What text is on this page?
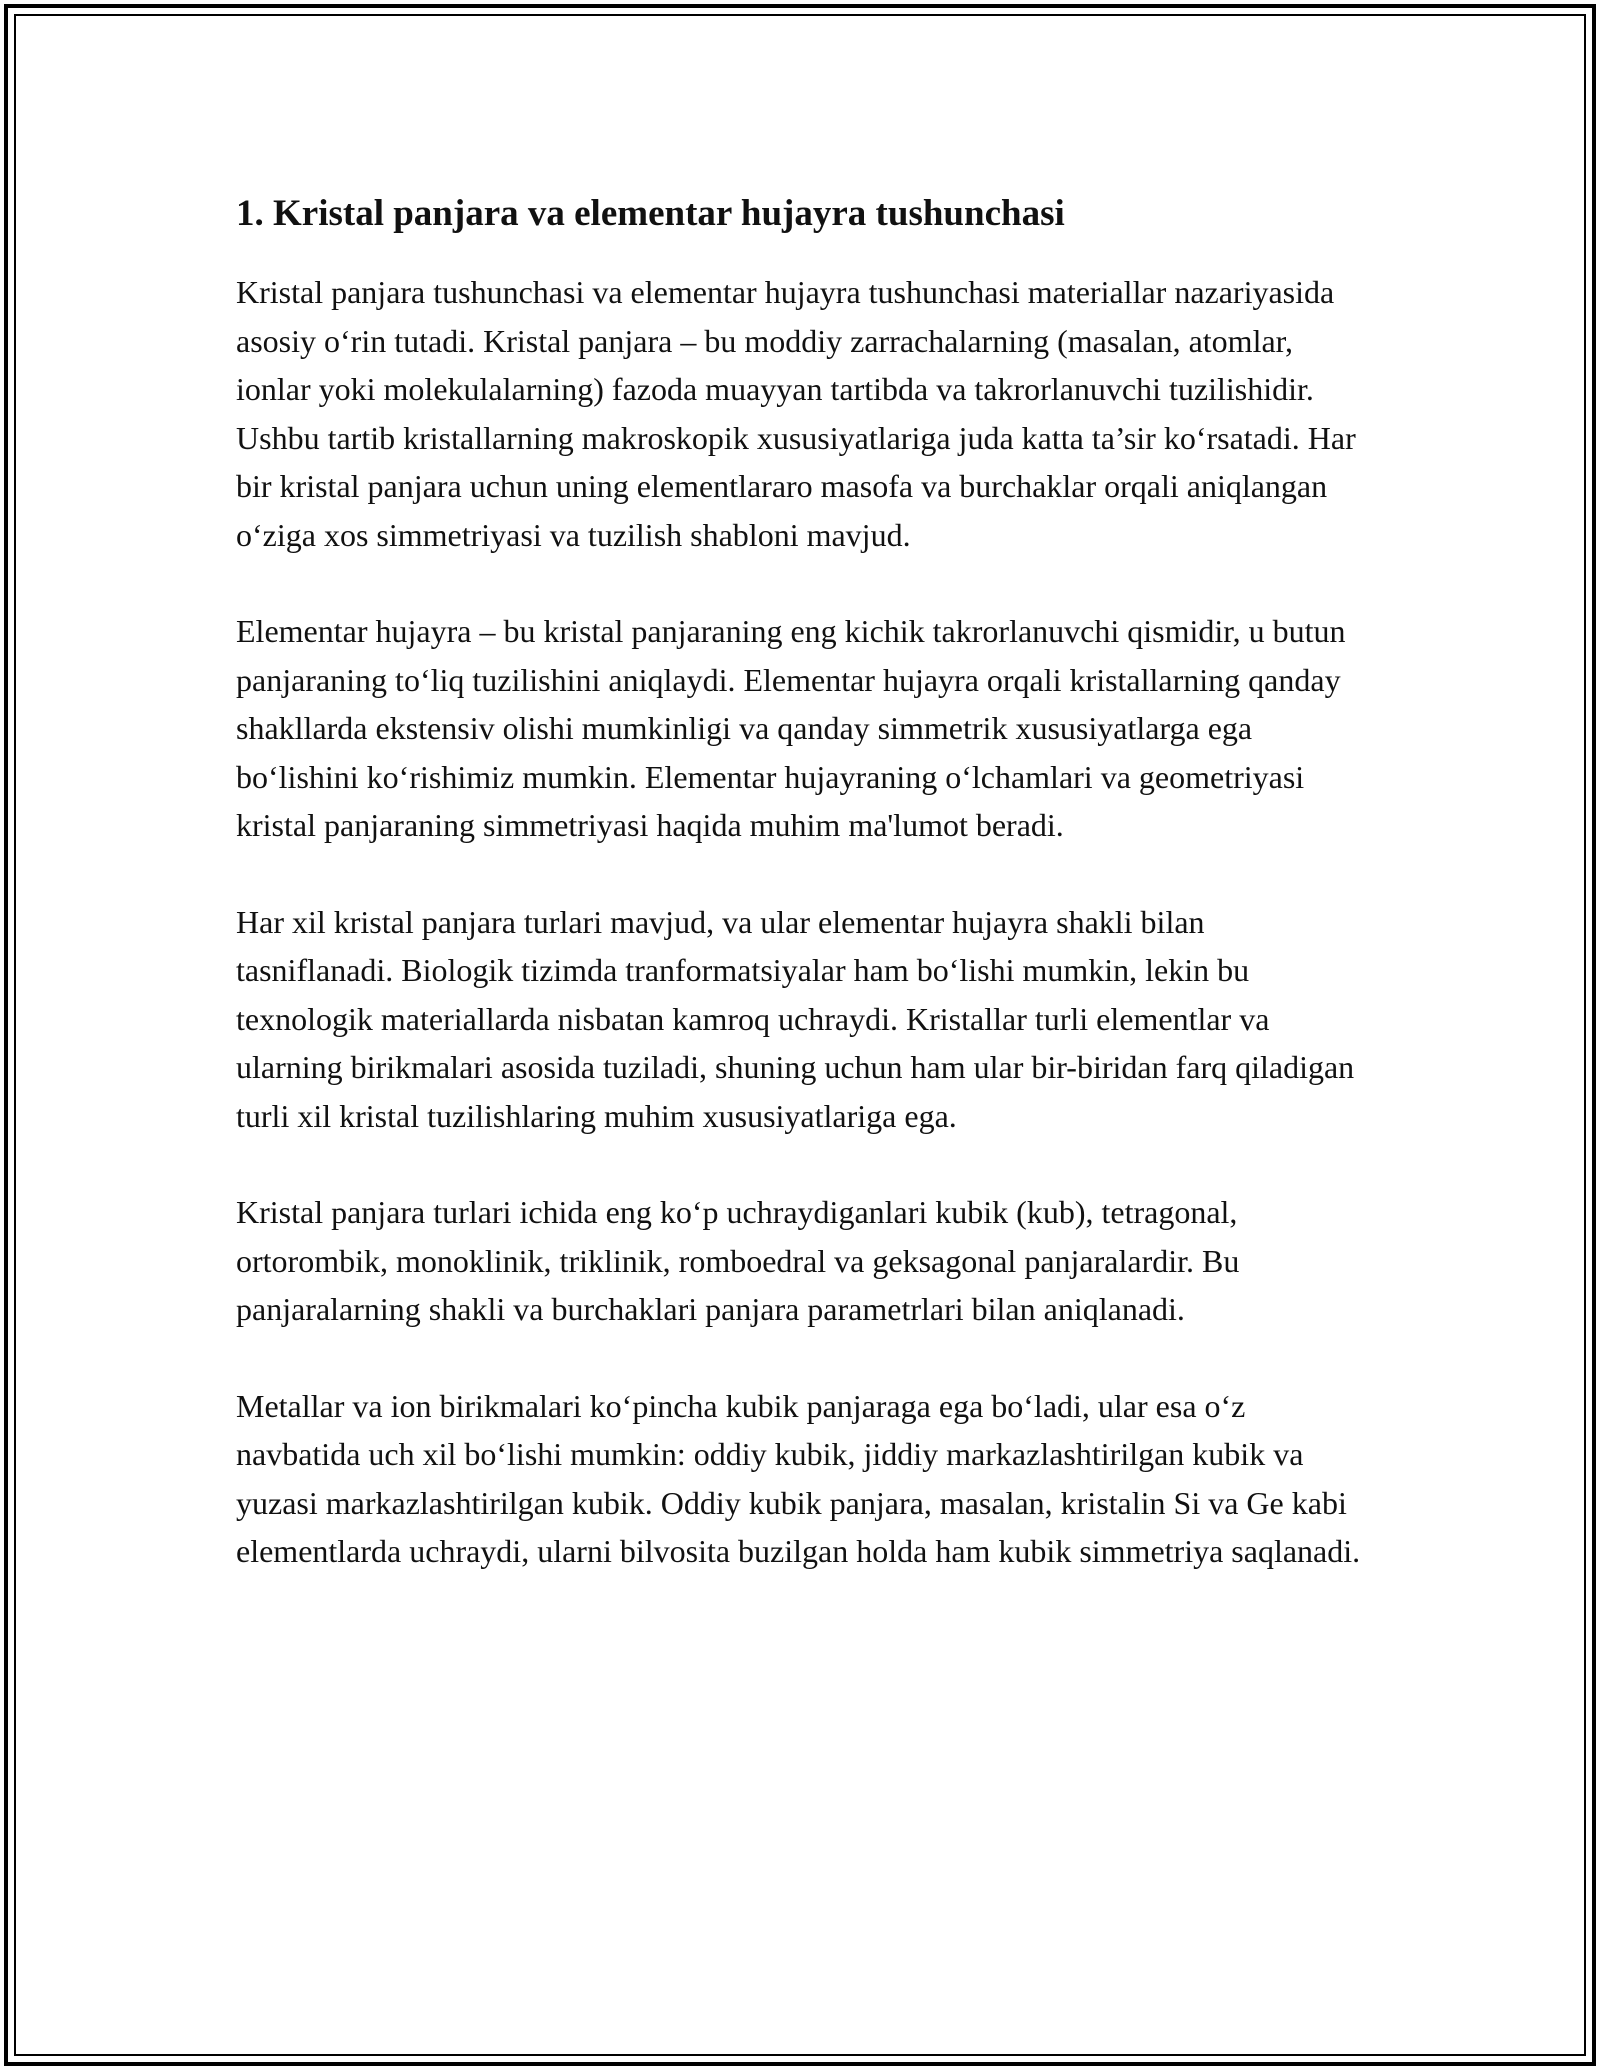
1. Kristal panjara va elementar hujayra tushunchasi

Kristal panjara tushunchasi va elementar hujayra tushunchasi materiallar nazariyasida asosiy o‘rin tutadi. Kristal panjara – bu moddiy zarrachalarning (masalan, atomlar, ionlar yoki molekulalarning) fazoda muayyan tartibda va takrorlanuvchi tuzilishidir. Ushbu tartib kristallarning makroskopik xususiyatlariga juda katta ta’sir ko‘rsatadi. Har bir kristal panjara uchun uning elementlararo masofa va burchaklar orqali aniqlangan o‘ziga xos simmetriyasi va tuzilish shabloni mavjud.

Elementar hujayra – bu kristal panjaraning eng kichik takrorlanuvchi qismidir, u butun panjaraning to‘liq tuzilishini aniqlaydi. Elementar hujayra orqali kristallarning qanday shakllarda ekstensiv olishi mumkinligi va qanday simmetrik xususiyatlarga ega bo‘lishini ko‘rishimiz mumkin. Elementar hujayraning o‘lchamlari va geometriyasi kristal panjaraning simmetriyasi haqida muhim ma'lumot beradi.

Har xil kristal panjara turlari mavjud, va ular elementar hujayra shakli bilan tasniflanadi. Biologik tizimda tranformatsiyalar ham bo‘lishi mumkin, lekin bu texnologik materiallarda nisbatan kamroq uchraydi. Kristallar turli elementlar va ularning birikmalari asosida tuziladi, shuning uchun ham ular bir-biridan farq qiladigan turli xil kristal tuzilishlaring muhim xususiyatlariga ega.

Kristal panjara turlari ichida eng ko‘p uchraydiganlari kubik (kub), tetragonal, ortorombik, monoklinik, triklinik, romboedral va geksagonal panjaralardir. Bu panjaralarning shakli va burchaklari panjara parametrlari bilan aniqlanadi.

Metallar va ion birikmalari ko‘pincha kubik panjaraga ega bo‘ladi, ular esa o‘z navbatida uch xil bo‘lishi mumkin: oddiy kubik, jiddiy markazlashtirilgan kubik va yuzasi markazlashtirilgan kubik. Oddiy kubik panjara, masalan, kristalin Si va Ge kabi elementlarda uchraydi, ularni bilvosita buzilgan holda ham kubik simmetriya saqlanadi.
